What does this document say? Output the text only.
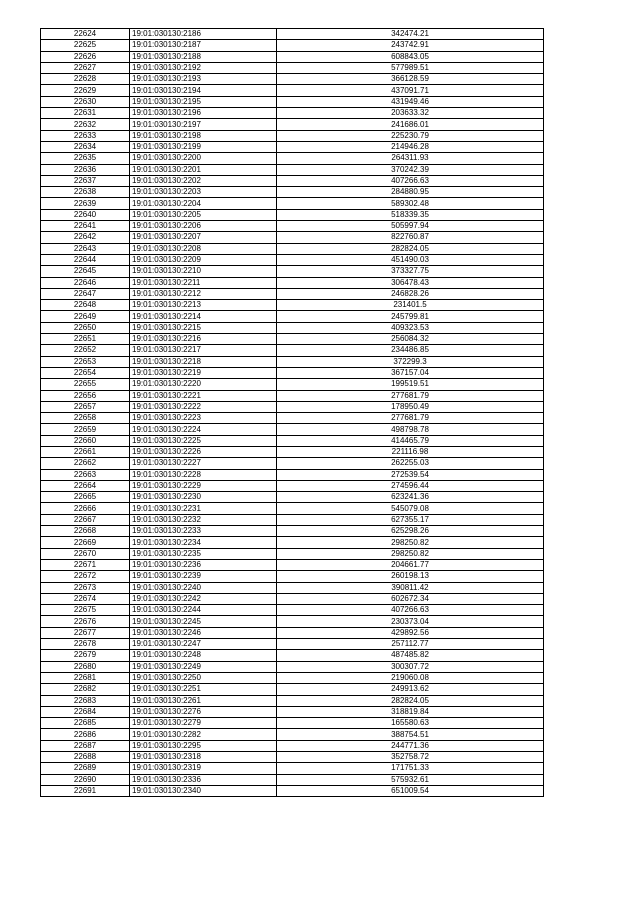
22624	19:01:030130:2186	342474.21
22625	19:01:030130:2187	243742.91
22626	19:01:030130:2188	608843.05
22627	19:01:030130:2192	577989.51
22628	19:01:030130:2193	366128.59
22629	19:01:030130:2194	437091.71
22630	19:01:030130:2195	431949.46
22631	19:01:030130:2196	203633.32
22632	19:01:030130:2197	241686.01
22633	19:01:030130:2198	225230.79
22634	19:01:030130:2199	214946.28
22635	19:01:030130:2200	264311.93
22636	19:01:030130:2201	370242.39
22637	19:01:030130:2202	407266.63
22638	19:01:030130:2203	284880.95
22639	19:01:030130:2204	589302.48
22640	19:01:030130:2205	518339.35
22641	19:01:030130:2206	505997.94
22642	19:01:030130:2207	822760.87
22643	19:01:030130:2208	282824.05
22644	19:01:030130:2209	451490.03
22645	19:01:030130:2210	373327.75
22646	19:01:030130:2211	306478.43
22647	19:01:030130:2212	246828.26
22648	19:01:030130:2213	231401.5
22649	19:01:030130:2214	245799.81
22650	19:01:030130:2215	409323.53
22651	19:01:030130:2216	256084.32
22652	19:01:030130:2217	234486.85
22653	19:01:030130:2218	372299.3
22654	19:01:030130:2219	367157.04
22655	19:01:030130:2220	199519.51
22656	19:01:030130:2221	277681.79
22657	19:01:030130:2222	178950.49
22658	19:01:030130:2223	277681.79
22659	19:01:030130:2224	498798.78
22660	19:01:030130:2225	414465.79
22661	19:01:030130:2226	221116.98
22662	19:01:030130:2227	262255.03
22663	19:01:030130:2228	272539.54
22664	19:01:030130:2229	274596.44
22665	19:01:030130:2230	623241.36
22666	19:01:030130:2231	545079.08
22667	19:01:030130:2232	627355.17
22668	19:01:030130:2233	625298.26
22669	19:01:030130:2234	298250.82
22670	19:01:030130:2235	298250.82
22671	19:01:030130:2236	204661.77
22672	19:01:030130:2239	260198.13
22673	19:01:030130:2240	390811.42
22674	19:01:030130:2242	602672.34
22675	19:01:030130:2244	407266.63
22676	19:01:030130:2245	230373.04
22677	19:01:030130:2246	429892.56
22678	19:01:030130:2247	257112.77
22679	19:01:030130:2248	487485.82
22680	19:01:030130:2249	300307.72
22681	19:01:030130:2250	219060.08
22682	19:01:030130:2251	249913.62
22683	19:01:030130:2261	282824.05
22684	19:01:030130:2276	318819.84
22685	19:01:030130:2279	165580.63
22686	19:01:030130:2282	388754.51
22687	19:01:030130:2295	244771.36
22688	19:01:030130:2318	352758.72
22689	19:01:030130:2319	171751.33
22690	19:01:030130:2336	575932.61
22691	19:01:030130:2340	651009.54
